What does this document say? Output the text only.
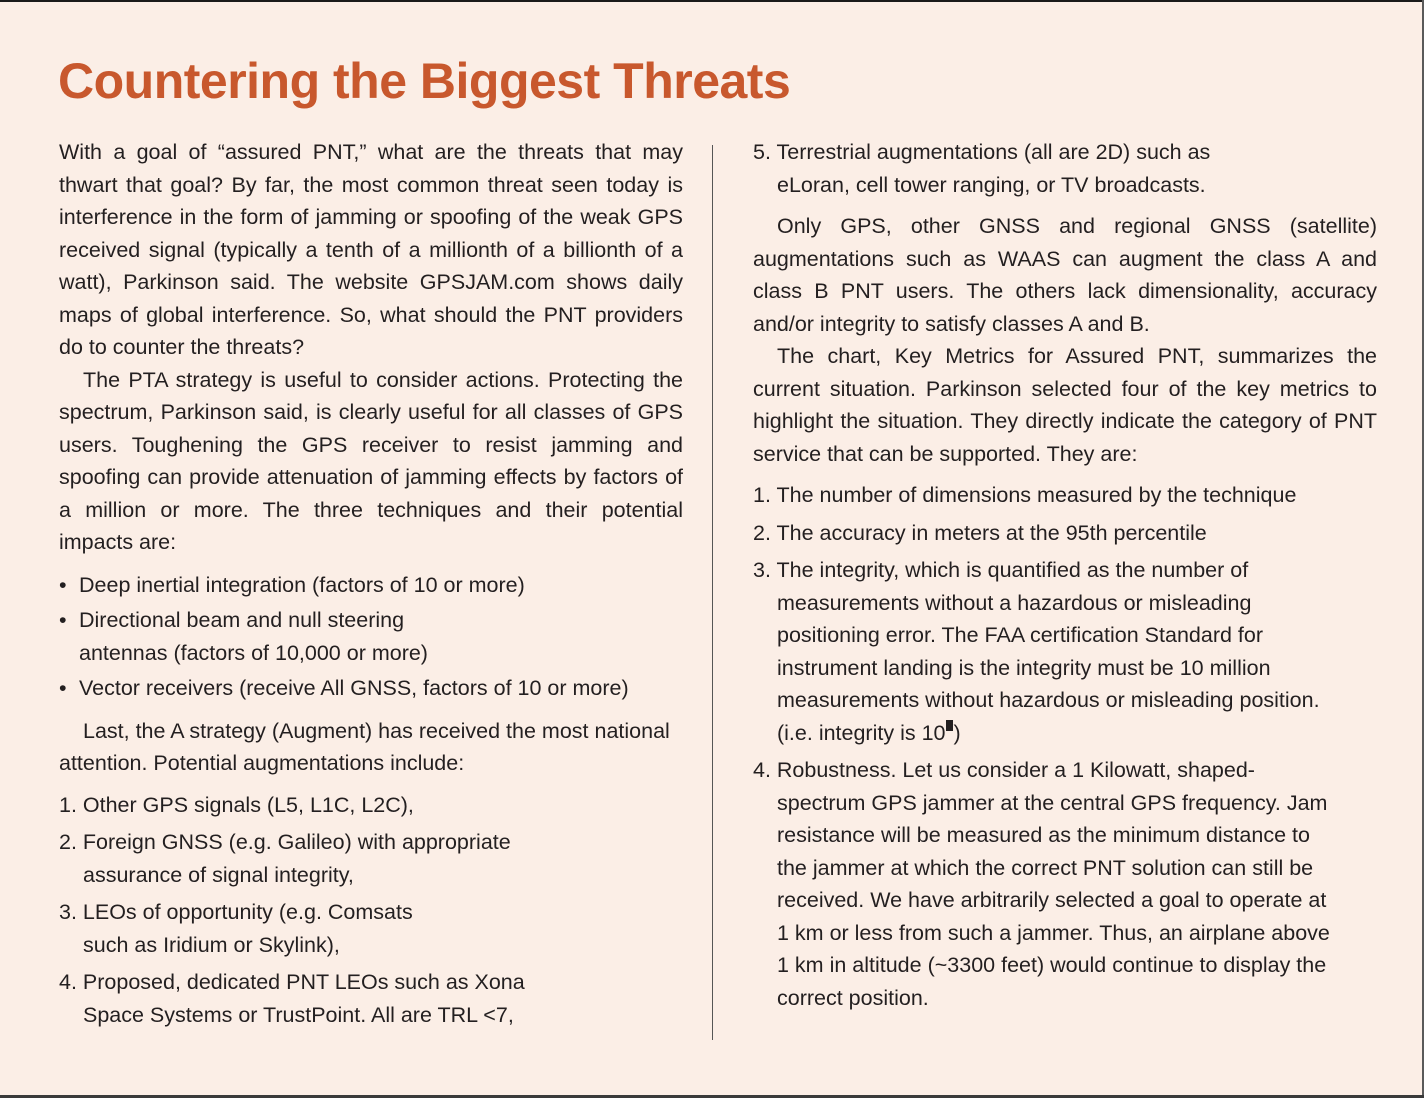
Countering the Biggest Threats

With a goal of “assured PNT,” what are the threats that may thwart that goal? By far, the most common threat seen today is interference in the form of jamming or spoofing of the weak GPS received signal (typically a tenth of a millionth of a billionth of a watt), Parkinson said. The website GPSJAM.com shows daily maps of global interference. So, what should the PNT providers do to counter the threats?

The PTA strategy is useful to consider actions. Protecting the spectrum, Parkinson said, is clearly useful for all classes of GPS users. Toughening the GPS receiver to resist jamming and spoofing can provide attenuation of jamming effects by factors of a million or more. The three techniques and their potential impacts are:

• Deep inertial integration (factors of 10 or more)
• Directional beam and null steering antennas (factors of 10,000 or more)
• Vector receivers (receive All GNSS, factors of 10 or more)

Last, the A strategy (Augment) has received the most national attention. Potential augmentations include:

1. Other GPS signals (L5, L1C, L2C),
2. Foreign GNSS (e.g. Galileo) with appropriate assurance of signal integrity,
3. LEOs of opportunity (e.g. Comsats such as Iridium or Skylink),
4. Proposed, dedicated PNT LEOs such as Xona Space Systems or TrustPoint. All are TRL <7,
5. Terrestrial augmentations (all are 2D) such as eLoran, cell tower ranging, or TV broadcasts.

Only GPS, other GNSS and regional GNSS (satellite) augmentations such as WAAS can augment the class A and class B PNT users. The others lack dimensionality, accuracy and/or integrity to satisfy classes A and B.

The chart, Key Metrics for Assured PNT, summarizes the current situation. Parkinson selected four of the key metrics to highlight the situation. They directly indicate the category of PNT service that can be supported. They are:

1. The number of dimensions measured by the technique
2. The accuracy in meters at the 95th percentile
3. The integrity, which is quantified as the number of measurements without a hazardous or misleading positioning error. The FAA certification Standard for instrument landing is the integrity must be 10 million measurements without hazardous or misleading position. (i.e. integrity is 10 )
4. Robustness. Let us consider a 1 Kilowatt, shaped-spectrum GPS jammer at the central GPS frequency. Jam resistance will be measured as the minimum distance to the jammer at which the correct PNT solution can still be received. We have arbitrarily selected a goal to operate at 1 km or less from such a jammer. Thus, an airplane above 1 km in altitude (~3300 feet) would continue to display the correct position.
